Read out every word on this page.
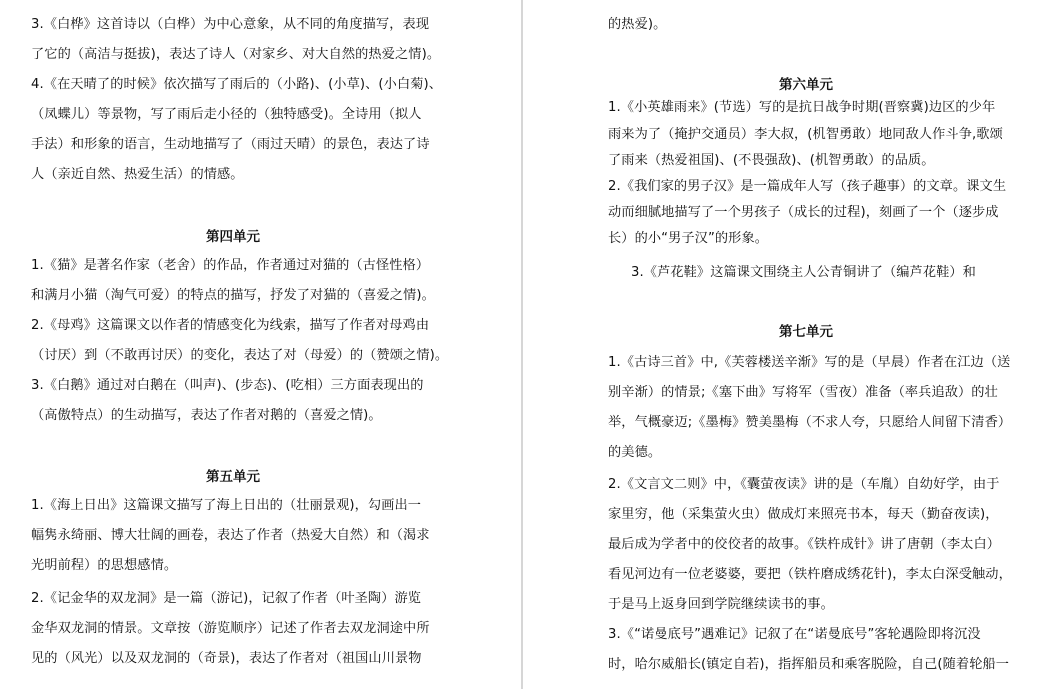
3.《白桦》这首诗以（白桦）为中心意象，从不同的角度描写，表现
了它的（高洁与挺拔)，表达了诗人（对家乡、对大自然的热爱之情)。
4.《在天晴了的时候》依次描写了雨后的（小路)、(小草)、(小白菊)、
（凤蝶儿）等景物，写了雨后走小径的（独特感受)。全诗用（拟人
手法）和形象的语言，生动地描写了（雨过天晴）的景色，表达了诗
人（亲近自然、热爱生活）的情感。
第四单元
1.《猫》是著名作家（老舍）的作品，作者通过对猫的（古怪性格）
和满月小猫（淘气可爱）的特点的描写，抒发了对猫的（喜爱之情)。
2.《母鸡》这篇课文以作者的情感变化为线索，描写了作者对母鸡由
（讨厌）到（不敢再讨厌）的变化，表达了对（母爱）的（赞颂之情)。
3.《白鹅》通过对白鹅在（叫声)、(步态)、(吃相）三方面表现出的
（高傲特点）的生动描写，表达了作者对鹅的（喜爱之情)。
第五单元
1.《海上日出》这篇课文描写了海上日出的（壮丽景观)，勾画出一
幅隽永绮丽、博大壮阔的画卷，表达了作者（热爱大自然）和（渴求
光明前程）的思想感情。
2.《记金华的双龙洞》是一篇（游记)，记叙了作者（叶圣陶）游览
金华双龙洞的情景。文章按（游览顺序）记述了作者去双龙洞途中所
见的（风光）以及双龙洞的（奇景)，表达了作者对（祖国山川景物
的热爱)。
第六单元
1.《小英雄雨来》(节选）写的是抗日战争时期(晋察冀)边区的少年
雨来为了（掩护交通员）李大叔，(机智勇敢）地同敌人作斗争,歌颂
了雨来（热爱祖国)、(不畏强敌)、(机智勇敢）的品质。
2.《我们家的男子汉》是一篇成年人写（孩子趣事）的文章。课文生
动而细腻地描写了一个男孩子（成长的过程)，刻画了一个（逐步成
长）的小“男子汉”的形象。
3.《芦花鞋》这篇课文围绕主人公青铜讲了（编芦花鞋）和
第七单元
1.《古诗三首》中,《芙蓉楼送辛渐》写的是（早晨）作者在江边（送
别辛渐）的情景;《塞下曲》写将军（雪夜）准备（率兵追敌）的壮
举，气概豪迈;《墨梅》赞美墨梅（不求人夸，只愿给人间留下清香）
的美德。
2.《文言文二则》中，《囊萤夜读》讲的是（车胤）自幼好学，由于
家里穷，他（采集萤火虫）做成灯来照亮书本，每天（勤奋夜读)，
最后成为学者中的佼佼者的故事。《铁杵成针》讲了唐朝（李太白）
看见河边有一位老婆婆，要把（铁杵磨成绣花针)，李太白深受触动，
于是马上返身回到学院继续读书的事。
3.《“诺曼底号”遇难记》记叙了在“诺曼底号”客轮遇险即将沉没
时，哈尔威船长(镇定自若)，指挥船员和乘客脱险，自己(随着轮船一
